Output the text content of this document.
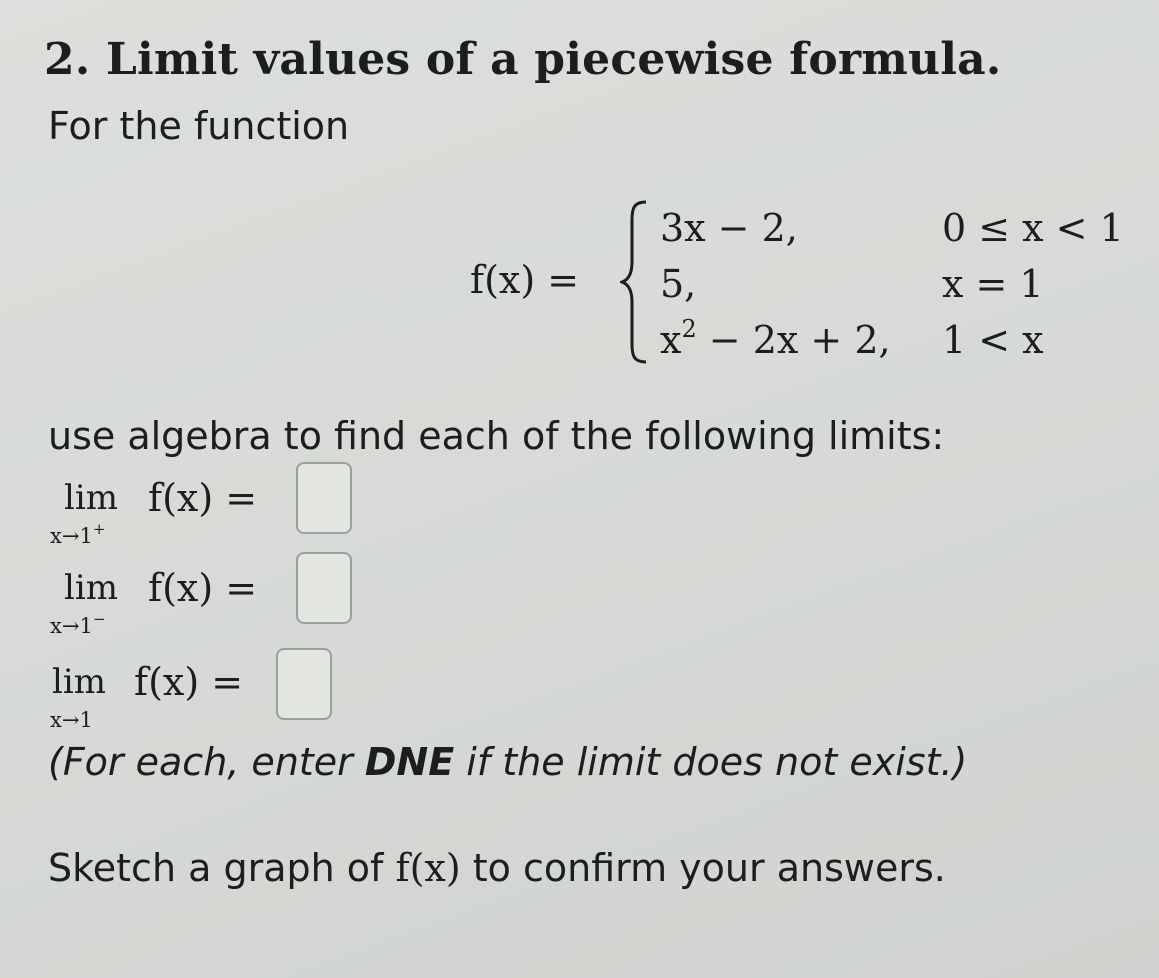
2. Limit values of a piecewise formula.
For the function
f(x) =
3x − 2,	0 ≤ x < 1
5,	x = 1
$x^2 - 2x + 2$, 1 < x
use algebra to find each of the following limits:
lim
x→1+
f(x) =
lim
x→1−
f(x) =
lim
x→1
f(x) =
(For each, enter DNE if the limit does not exist.)
Sketch a graph of f(x) to confirm your answers.
